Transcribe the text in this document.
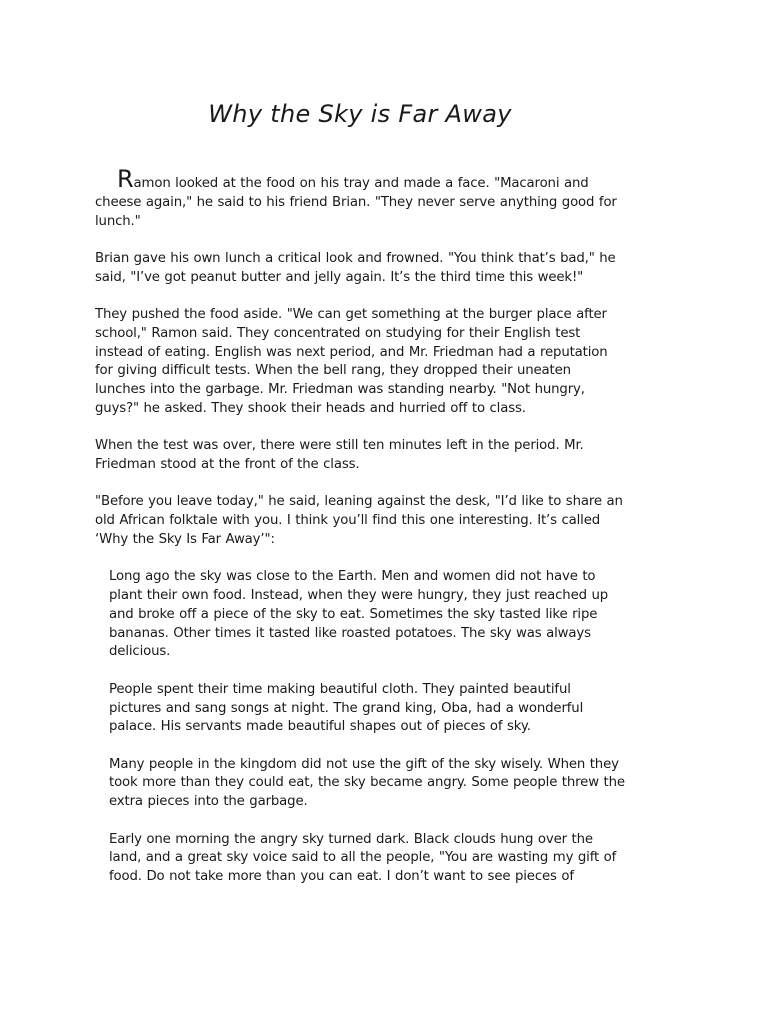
Why the Sky is Far Away

Ramon looked at the food on his tray and made a face. "Macaroni and cheese again," he said to his friend Brian. "They never serve anything good for lunch."

Brian gave his own lunch a critical look and frowned. "You think that’s bad," he said, "I’ve got peanut butter and jelly again. It’s the third time this week!"

They pushed the food aside. "We can get something at the burger place after school," Ramon said. They concentrated on studying for their English test instead of eating. English was next period, and Mr. Friedman had a reputation for giving difficult tests. When the bell rang, they dropped their uneaten lunches into the garbage. Mr. Friedman was standing nearby. "Not hungry, guys?" he asked. They shook their heads and hurried off to class.

When the test was over, there were still ten minutes left in the period. Mr. Friedman stood at the front of the class.

"Before you leave today," he said, leaning against the desk, "I’d like to share an old African folktale with you. I think you’ll find this one interesting. It’s called ‘Why the Sky Is Far Away’":

Long ago the sky was close to the Earth. Men and women did not have to plant their own food. Instead, when they were hungry, they just reached up and broke off a piece of the sky to eat. Sometimes the sky tasted like ripe bananas. Other times it tasted like roasted potatoes. The sky was always delicious.

People spent their time making beautiful cloth. They painted beautiful pictures and sang songs at night. The grand king, Oba, had a wonderful palace. His servants made beautiful shapes out of pieces of sky.

Many people in the kingdom did not use the gift of the sky wisely. When they took more than they could eat, the sky became angry. Some people threw the extra pieces into the garbage.

Early one morning the angry sky turned dark. Black clouds hung over the land, and a great sky voice said to all the people, "You are wasting my gift of food. Do not take more than you can eat. I don’t want to see pieces of
